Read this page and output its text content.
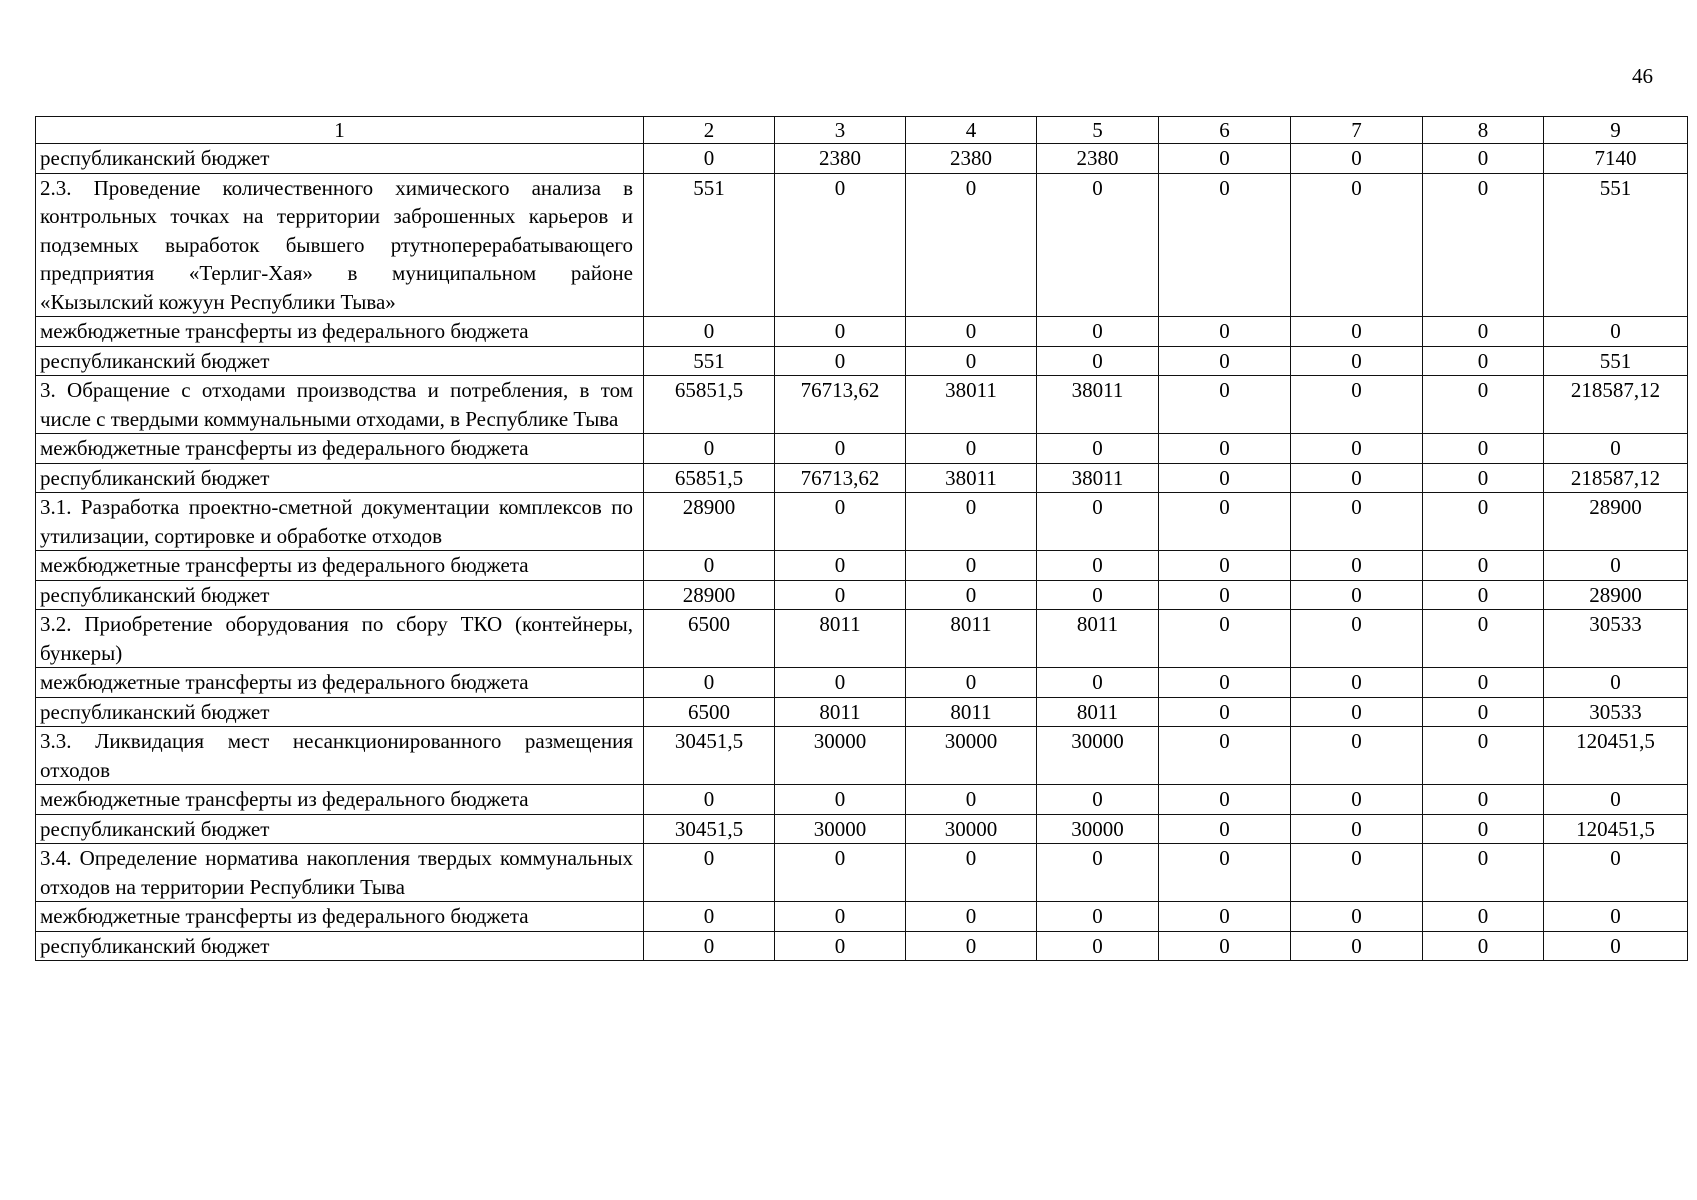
46
1	2	3	4	5	6	7	8	9
республиканский бюджет	0	2380	2380	2380	0	0	0	7140
2.3. Проведение количественного химического анализа в контрольных точках на территории заброшенных карьеров и подземных выработок бывшего ртутноперерабатывающего предприятия «Терлиг-Хая» в муниципальном районе «Кызылский кожуун Республики Тыва»	551	0	0	0	0	0	0	551
межбюджетные трансферты из федерального бюджета	0	0	0	0	0	0	0	0
республиканский бюджет	551	0	0	0	0	0	0	551
3. Обращение с отходами производства и потребления, в том числе с твердыми коммунальными отходами, в Республике Тыва	65851,5	76713,62	38011	38011	0	0	0	218587,12
межбюджетные трансферты из федерального бюджета	0	0	0	0	0	0	0	0
республиканский бюджет	65851,5	76713,62	38011	38011	0	0	0	218587,12
3.1. Разработка проектно-сметной документации комплексов по утилизации, сортировке и обработке отходов	28900	0	0	0	0	0	0	28900
межбюджетные трансферты из федерального бюджета	0	0	0	0	0	0	0	0
республиканский бюджет	28900	0	0	0	0	0	0	28900
3.2. Приобретение оборудования по сбору ТКО (контейнеры, бункеры)	6500	8011	8011	8011	0	0	0	30533
межбюджетные трансферты из федерального бюджета	0	0	0	0	0	0	0	0
республиканский бюджет	6500	8011	8011	8011	0	0	0	30533
3.3. Ликвидация мест несанкционированного размещения отходов	30451,5	30000	30000	30000	0	0	0	120451,5
межбюджетные трансферты из федерального бюджета	0	0	0	0	0	0	0	0
республиканский бюджет	30451,5	30000	30000	30000	0	0	0	120451,5
3.4. Определение норматива накопления твердых коммунальных отходов на территории Республики Тыва	0	0	0	0	0	0	0	0
межбюджетные трансферты из федерального бюджета	0	0	0	0	0	0	0	0
республиканский бюджет	0	0	0	0	0	0	0	0
